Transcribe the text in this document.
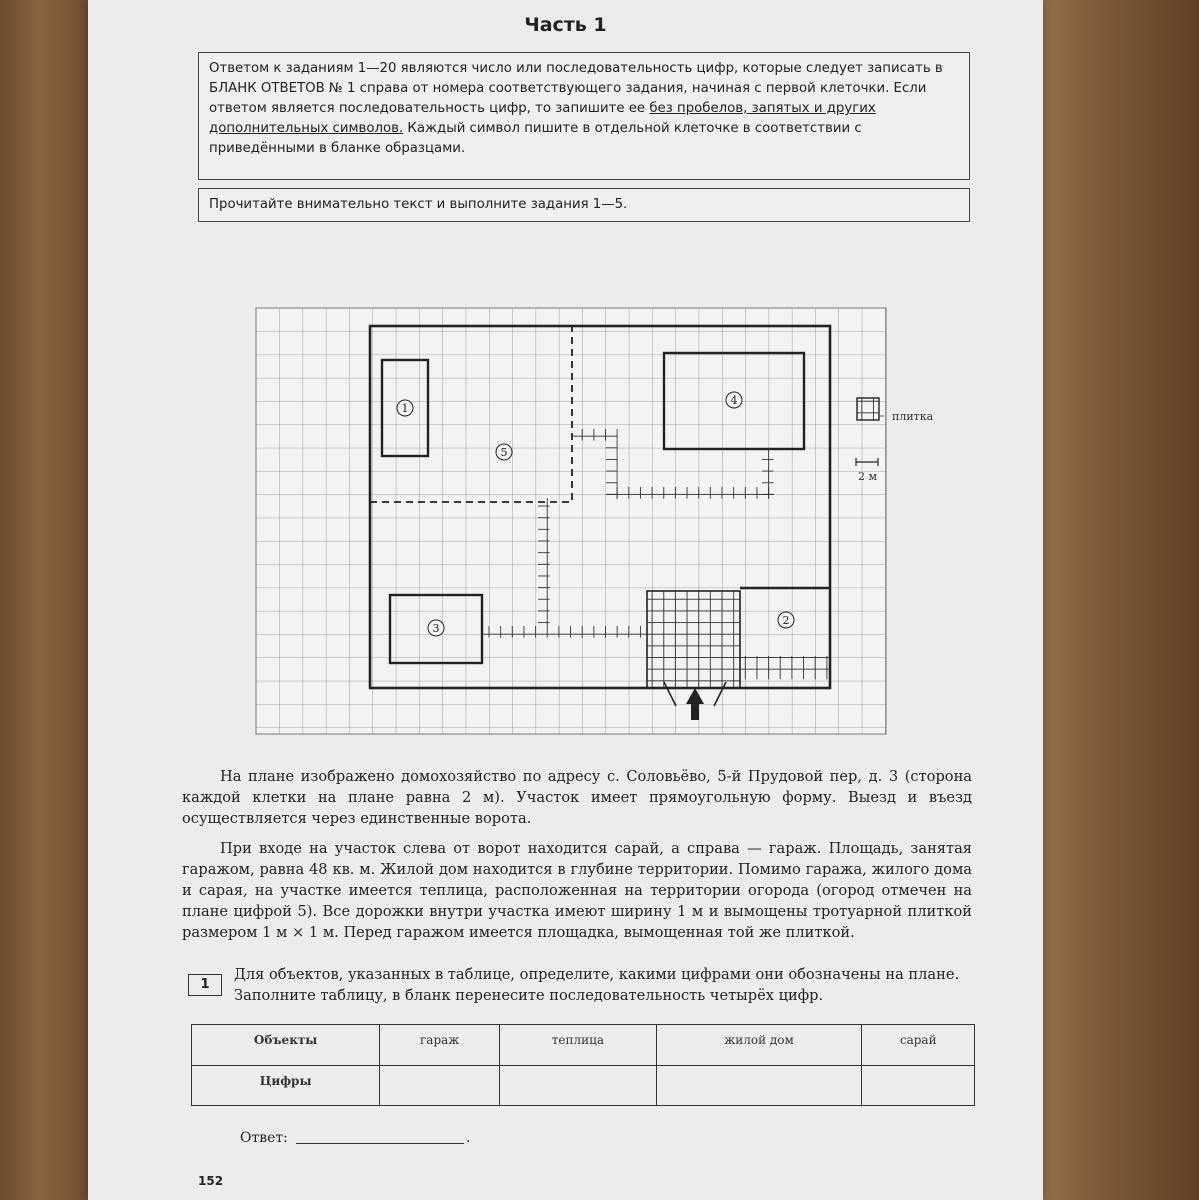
Часть 1
Ответом к заданиям 1—20 являются число или последовательность цифр, которые следует записать в БЛАНК ОТВЕТОВ № 1 справа от номера соответствующего задания, начиная с первой клеточки. Если ответом является последовательность цифр, то запишите ее без пробелов, запятых и других дополнительных символов. Каждый символ пишите в отдельной клеточке в соответствии с приведёнными в бланке образцами.
Прочитайте внимательно текст и выполните задания 1—5.
1
5
4
3
2
плитка
2 м
На плане изображено домохозяйство по адресу с. Соловьёво, 5-й Прудовой пер, д. 3 (сторона каждой клетки на плане равна 2 м). Участок имеет прямоугольную форму. Выезд и въезд осуществляется через единственные ворота.
При входе на участок слева от ворот находится сарай, а справа — гараж. Площадь, занятая гаражом, равна 48 кв. м. Жилой дом находится в глубине территории. Помимо гаража, жилого дома и сарая, на участке имеется теплица, расположенная на территории огорода (огород отмечен на плане цифрой 5). Все дорожки внутри участка имеют ширину 1 м и вымощены тротуарной плиткой размером 1 м × 1 м. Перед гаражом имеется площадка, вымощенная той же плиткой.
1
Для объектов, указанных в таблице, определите, какими цифрами они обозначены на плане. Заполните таблицу, в бланк перенесите последовательность четырёх цифр.
Объекты	гараж	теплица	жилой дом	сарай
Цифры				
Ответ:	.
152
